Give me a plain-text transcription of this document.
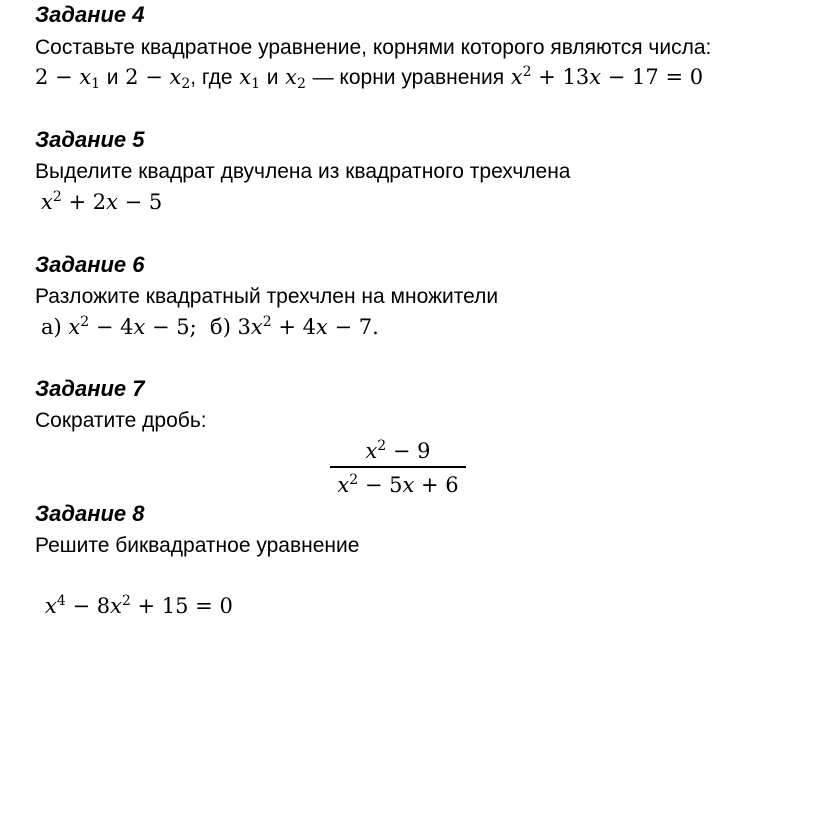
Задание 4
Составьте квадратное уравнение, корнями которого являются числа:
$2 - x_1$ и $2 - x_2$, где $x_1$ и $x_2$ — корни уравнения $x^2 + 13x - 17 = 0$
Задание 5
Выделите квадрат двучлена из квадратного трехчлена
$x^2 + 2x - 5$
Задание 6
Разложите квадратный трехчлен на множители
а) $x^2 - 4x - 5$;  б) $3x^2 + 4x - 7$.
Задание 7
Сократите дробь:
$x^2 - 9$
$x^2 - 5x + 6$
Задание 8
Решите биквадратное уравнение
$x^4 - 8x^2 + 15 = 0$
